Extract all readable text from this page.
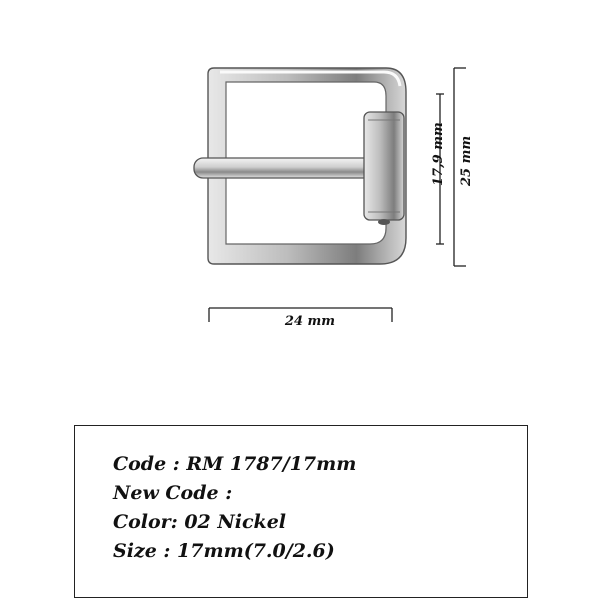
17,9 mm 25 mm
24 mm
Code : RM 1787/17mm
New Code :
Color: 02 Nickel
Size : 17mm(7.0/2.6)
